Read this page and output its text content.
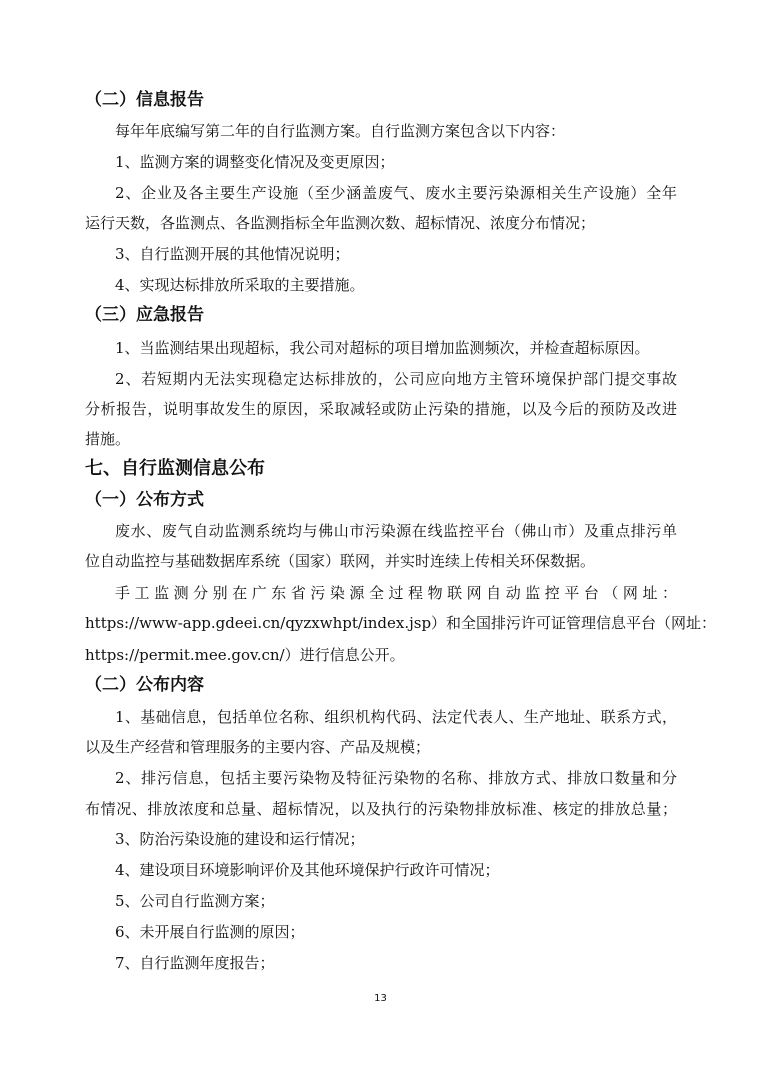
（二）信息报告
每年年底编写第二年的自行监测方案。自行监测方案包含以下内容：
1、监测方案的调整变化情况及变更原因；
2、企业及各主要生产设施（至少涵盖废气、废水主要污染源相关生产设施）全年
运行天数，各监测点、各监测指标全年监测次数、超标情况、浓度分布情况；
3、自行监测开展的其他情况说明；
4、实现达标排放所采取的主要措施。
（三）应急报告
1、当监测结果出现超标，我公司对超标的项目增加监测频次，并检查超标原因。
2、若短期内无法实现稳定达标排放的，公司应向地方主管环境保护部门提交事故
分析报告，说明事故发生的原因，采取减轻或防止污染的措施，以及今后的预防及改进
措施。
七、自行监测信息公布
（一）公布方式
废水、废气自动监测系统均与佛山市污染源在线监控平台（佛山市）及重点排污单
位自动监控与基础数据库系统（国家）联网，并实时连续上传相关环保数据。
手工监测分别在广东省污染源全过程物联网自动监控平台（网址：
https://www-app.gdeei.cn/qyzxwhpt/index.jsp）和全国排污许可证管理信息平台（网址：
https://permit.mee.gov.cn/）进行信息公开。
（二）公布内容
1、基础信息，包括单位名称、组织机构代码、法定代表人、生产地址、联系方式，
以及生产经营和管理服务的主要内容、产品及规模；
2、排污信息，包括主要污染物及特征污染物的名称、排放方式、排放口数量和分
布情况、排放浓度和总量、超标情况，以及执行的污染物排放标准、核定的排放总量；
3、防治污染设施的建设和运行情况；
4、建设项目环境影响评价及其他环境保护行政许可情况；
5、公司自行监测方案；
6、未开展自行监测的原因；
7、自行监测年度报告；
13
